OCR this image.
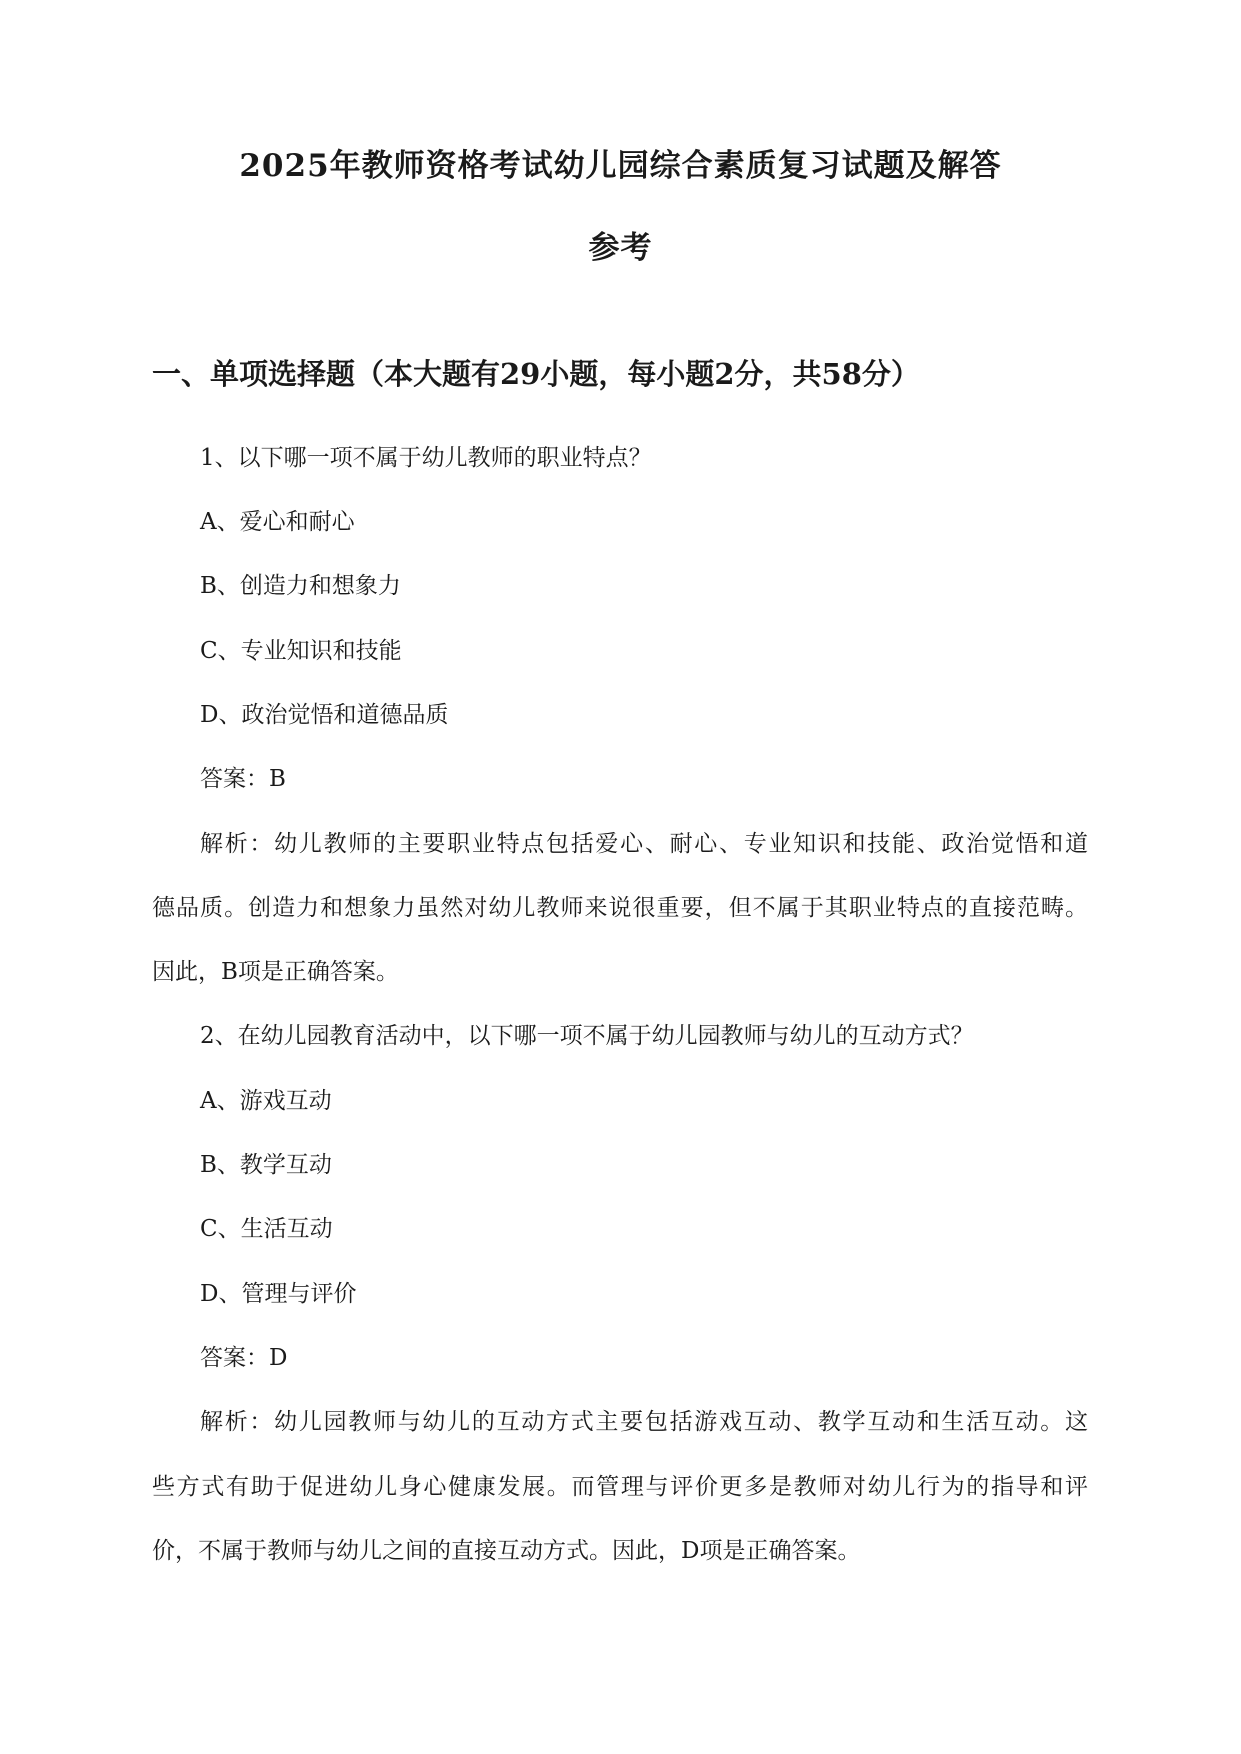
2025年教师资格考试幼儿园综合素质复习试题及解答
参考
一、单项选择题（本大题有29小题，每小题2分，共58分）
1、以下哪一项不属于幼儿教师的职业特点？
A、爱心和耐心
B、创造力和想象力
C、专业知识和技能
D、政治觉悟和道德品质
答案：B
解析：幼儿教师的主要职业特点包括爱心、耐心、专业知识和技能、政治觉悟和道
德品质。创造力和想象力虽然对幼儿教师来说很重要，但不属于其职业特点的直接范畴。
因此，B项是正确答案。
2、在幼儿园教育活动中，以下哪一项不属于幼儿园教师与幼儿的互动方式？
A、游戏互动
B、教学互动
C、生活互动
D、管理与评价
答案：D
解析：幼儿园教师与幼儿的互动方式主要包括游戏互动、教学互动和生活互动。这
些方式有助于促进幼儿身心健康发展。而管理与评价更多是教师对幼儿行为的指导和评
价，不属于教师与幼儿之间的直接互动方式。因此，D项是正确答案。
